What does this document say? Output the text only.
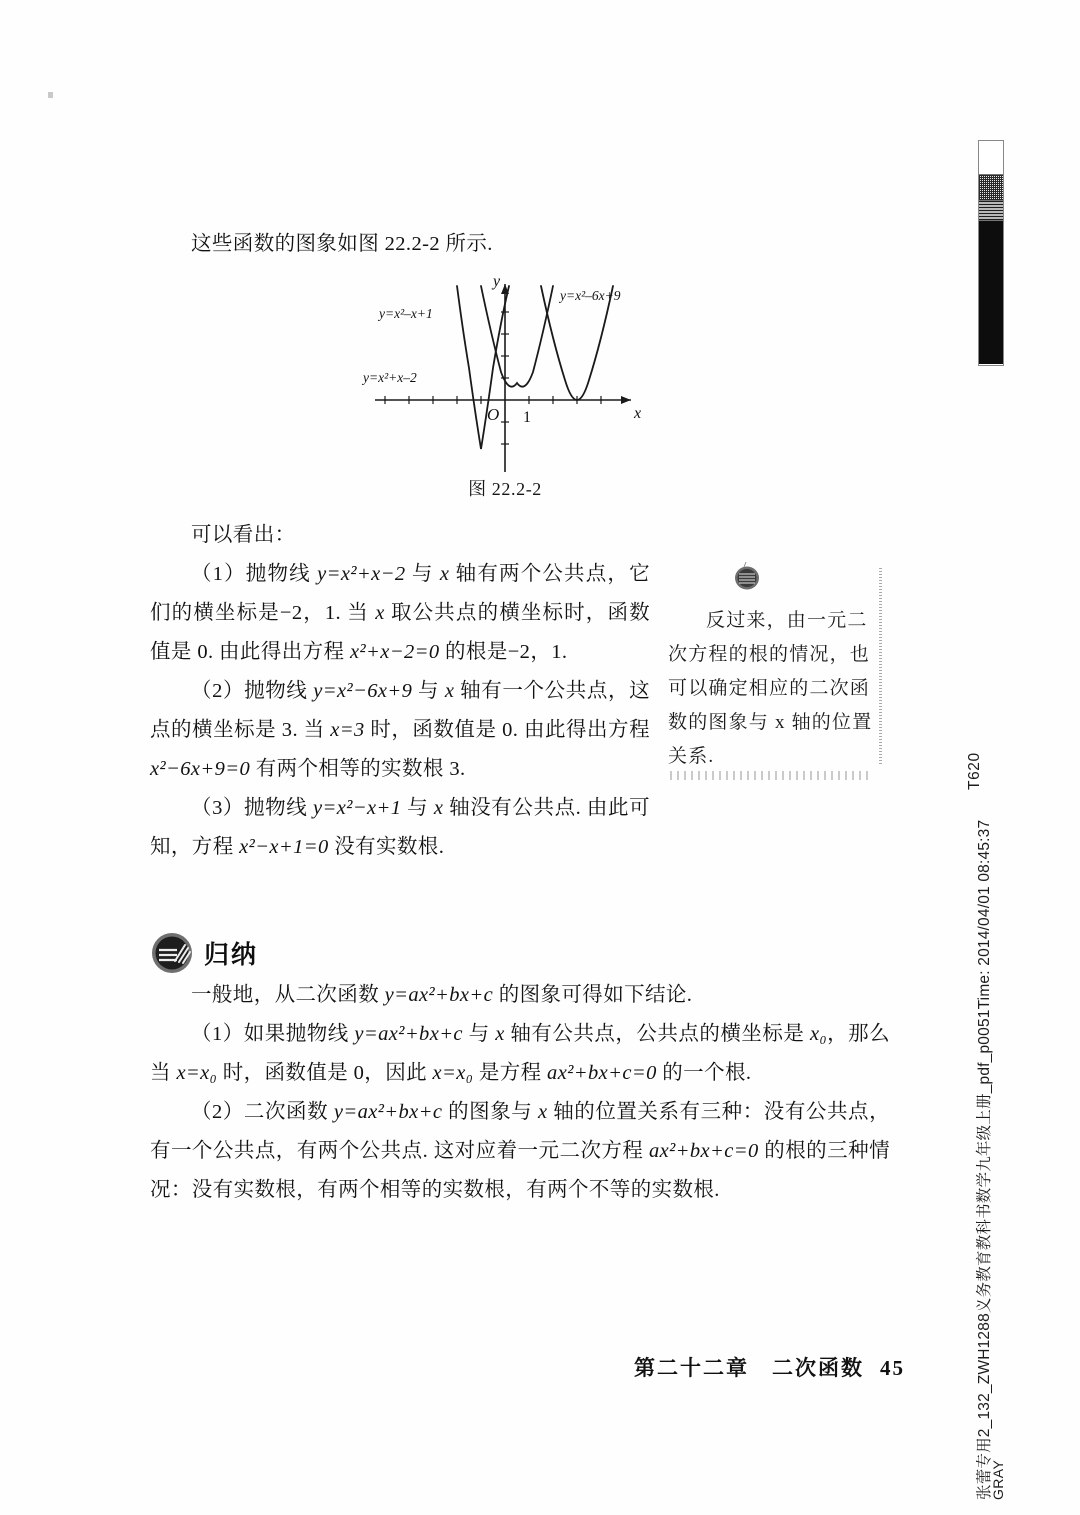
这些函数的图象如图 22.2-2 所示.

x
y
O 1
y=x²–x+1
y=x²–6x+9
y=x²+x–2
图 22.2-2

可以看出：

（1）抛物线 y=x²+x−2 与 x 轴有两个公共点，它们的横坐标是−2，1. 当 x 取公共点的横坐标时，函数值是 0. 由此得出方程 x²+x−2=0 的根是−2，1.

（2）抛物线 y=x²−6x+9 与 x 轴有一个公共点，这点的横坐标是 3. 当 x=3 时，函数值是 0. 由此得出方程 x²−6x+9=0 有两个相等的实数根 3.

（3）抛物线 y=x²−x+1 与 x 轴没有公共点. 由此可知，方程 x²−x+1=0 没有实数根.

反过来，由一元二次方程的根的情况，也可以确定相应的二次函数的图象与 x 轴的位置关系.
归纳

一般地，从二次函数 y=ax²+bx+c 的图象可得如下结论.

（1）如果抛物线 y=ax²+bx+c 与 x 轴有公共点，公共点的横坐标是 x₀，那么当 x=x₀ 时，函数值是 0，因此 x=x₀ 是方程 ax²+bx+c=0 的一个根.

（2）二次函数 y=ax²+bx+c 的图象与 x 轴的位置关系有三种：没有公共点，有一个公共点，有两个公共点. 这对应着一元二次方程 ax²+bx+c=0 的根的三种情况：没有实数根，有两个相等的实数根，有两个不等的实数根.

第二十二章　二次函数 45	张蕾专用2_132_ZWH1288义务教育教科书数学九年级上册_pdf_p0051Time: 2014/04/01 08:45:37
GRAY
T620
